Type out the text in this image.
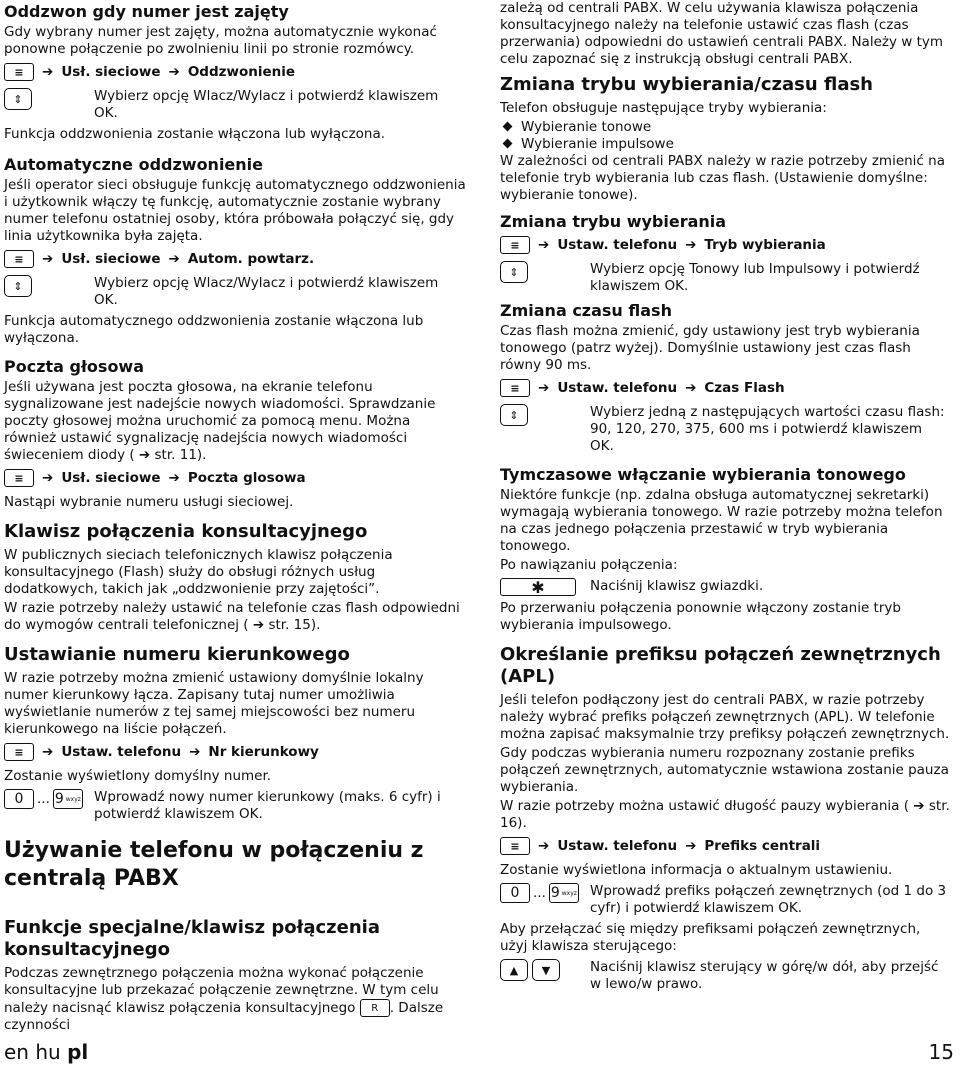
Oddzwon gdy numer jest zajęty
Gdy wybrany numer jest zajęty, można automatycznie wykonać ponowne połączenie po zwolnieniu linii po stronie rozmówcy.
≡	➔ Usł. sieciowe ➔ Oddzwonienie
⇕	Wybierz opcję Wlacz/Wylacz i potwierdź klawiszem OK.
Funkcja oddzwonienia zostanie włączona lub wyłączona.
Automatyczne oddzwonienie
Jeśli operator sieci obsługuje funkcję automatycznego oddzwonienia i użytkownik włączy tę funkcję, automatycznie zostanie wybrany numer telefonu ostatniej osoby, która próbowała połączyć się, gdy linia użytkownika była zajęta.
≡	➔ Usł. sieciowe ➔ Autom. powtarz.
⇕	Wybierz opcję Wlacz/Wylacz i potwierdź klawiszem OK.
Funkcja automatycznego oddzwonienia zostanie włączona lub wyłączona.
Poczta głosowa
Jeśli używana jest poczta głosowa, na ekranie telefonu sygnalizowane jest nadejście nowych wiadomości. Sprawdzanie poczty głosowej można uruchomić za pomocą menu. Można również ustawić sygnalizację nadejścia nowych wiadomości świeceniem diody ( ➔ str. 11).
≡	➔ Usł. sieciowe ➔ Poczta glosowa
Nastąpi wybranie numeru usługi sieciowej.
Klawisz połączenia konsultacyjnego
W publicznych sieciach telefonicznych klawisz połączenia konsultacyjnego (Flash) służy do obsługi różnych usług dodatkowych, takich jak „oddzwonienie przy zajętości”.
W razie potrzeby należy ustawić na telefonie czas flash odpowiedni do wymogów centrali telefonicznej ( ➔ str. 15).
Ustawianie numeru kierunkowego
W razie potrzeby można zmienić ustawiony domyślnie lokalny numer kierunkowy łącza. Zapisany tutaj numer umożliwia wyświetlanie numerów z tej samej miejscowości bez numeru kierunkowego na liście połączeń.
≡	➔ Ustaw. telefonu ➔ Nr kierunkowy
Zostanie wyświetlony domyślny numer.
0	... 9 wxyz Wprowadź nowy numer kierunkowy (maks. 6 cyfr) i potwierdź klawiszem OK.
Używanie telefonu w połączeniu z centralą PABX
Funkcje specjalne/klawisz połączenia konsultacyjnego
Podczas zewnętrznego połączenia można wykonać połączenie konsultacyjne lub przekazać połączenie zewnętrzne. W tym celu należy nacisnąć klawisz połączenia konsultacyjnego R . Dalsze czynności
zależą od centrali PABX. W celu używania klawisza połączenia konsultacyjnego należy na telefonie ustawić czas flash (czas przerwania) odpowiedni do ustawień centrali PABX. Należy w tym celu zapoznać się z instrukcją obsługi centrali PABX.
Zmiana trybu wybierania/czasu flash
Telefon obsługuje następujące tryby wybierania:
Wybieranie tonowe
Wybieranie impulsowe
W zależności od centrali PABX należy w razie potrzeby zmienić na telefonie tryb wybierania lub czas flash. (Ustawienie domyślne: wybieranie tonowe).
Zmiana trybu wybierania
≡	➔ Ustaw. telefonu ➔ Tryb wybierania
⇕	Wybierz opcję Tonowy lub Impulsowy i potwierdź klawiszem OK.
Zmiana czasu flash
Czas flash można zmienić, gdy ustawiony jest tryb wybierania tonowego (patrz wyżej). Domyślnie ustawiony jest czas flash równy 90 ms.
≡	➔ Ustaw. telefonu ➔ Czas Flash
⇕	Wybierz jedną z następujących wartości czasu flash: 90, 120, 270, 375, 600 ms i potwierdź klawiszem OK.
Tymczasowe włączanie wybierania tonowego
Niektóre funkcje (np. zdalna obsługa automatycznej sekretarki) wymagają wybierania tonowego. W razie potrzeby można telefon na czas jednego połączenia przestawić w tryb wybierania tonowego.
Po nawiązaniu połączenia:
✱	Naciśnij klawisz gwiazdki.
Po przerwaniu połączenia ponownie włączony zostanie tryb wybierania impulsowego.
Określanie prefiksu połączeń zewnętrznych (APL)
Jeśli telefon podłączony jest do centrali PABX, w razie potrzeby należy wybrać prefiks połączeń zewnętrznych (APL). W telefonie można zapisać maksymalnie trzy prefiksy połączeń zewnętrznych.
Gdy podczas wybierania numeru rozpoznany zostanie prefiks połączeń zewnętrznych, automatycznie wstawiona zostanie pauza wybierania.
W razie potrzeby można ustawić długość pauzy wybierania ( ➔ str. 16).
≡	➔ Ustaw. telefonu ➔ Prefiks centrali
Zostanie wyświetlona informacja o aktualnym ustawieniu.
0	... 9 wxyz Wprowadź prefiks połączeń zewnętrznych (od 1 do 3 cyfr) i potwierdź klawiszem OK.
Aby przełączać się między prefiksami połączeń zewnętrznych, użyj klawisza sterującego:
▲	▼	Naciśnij klawisz sterujący w górę/w dół, aby przejść w lewo/w prawo.
en hu pl	15
